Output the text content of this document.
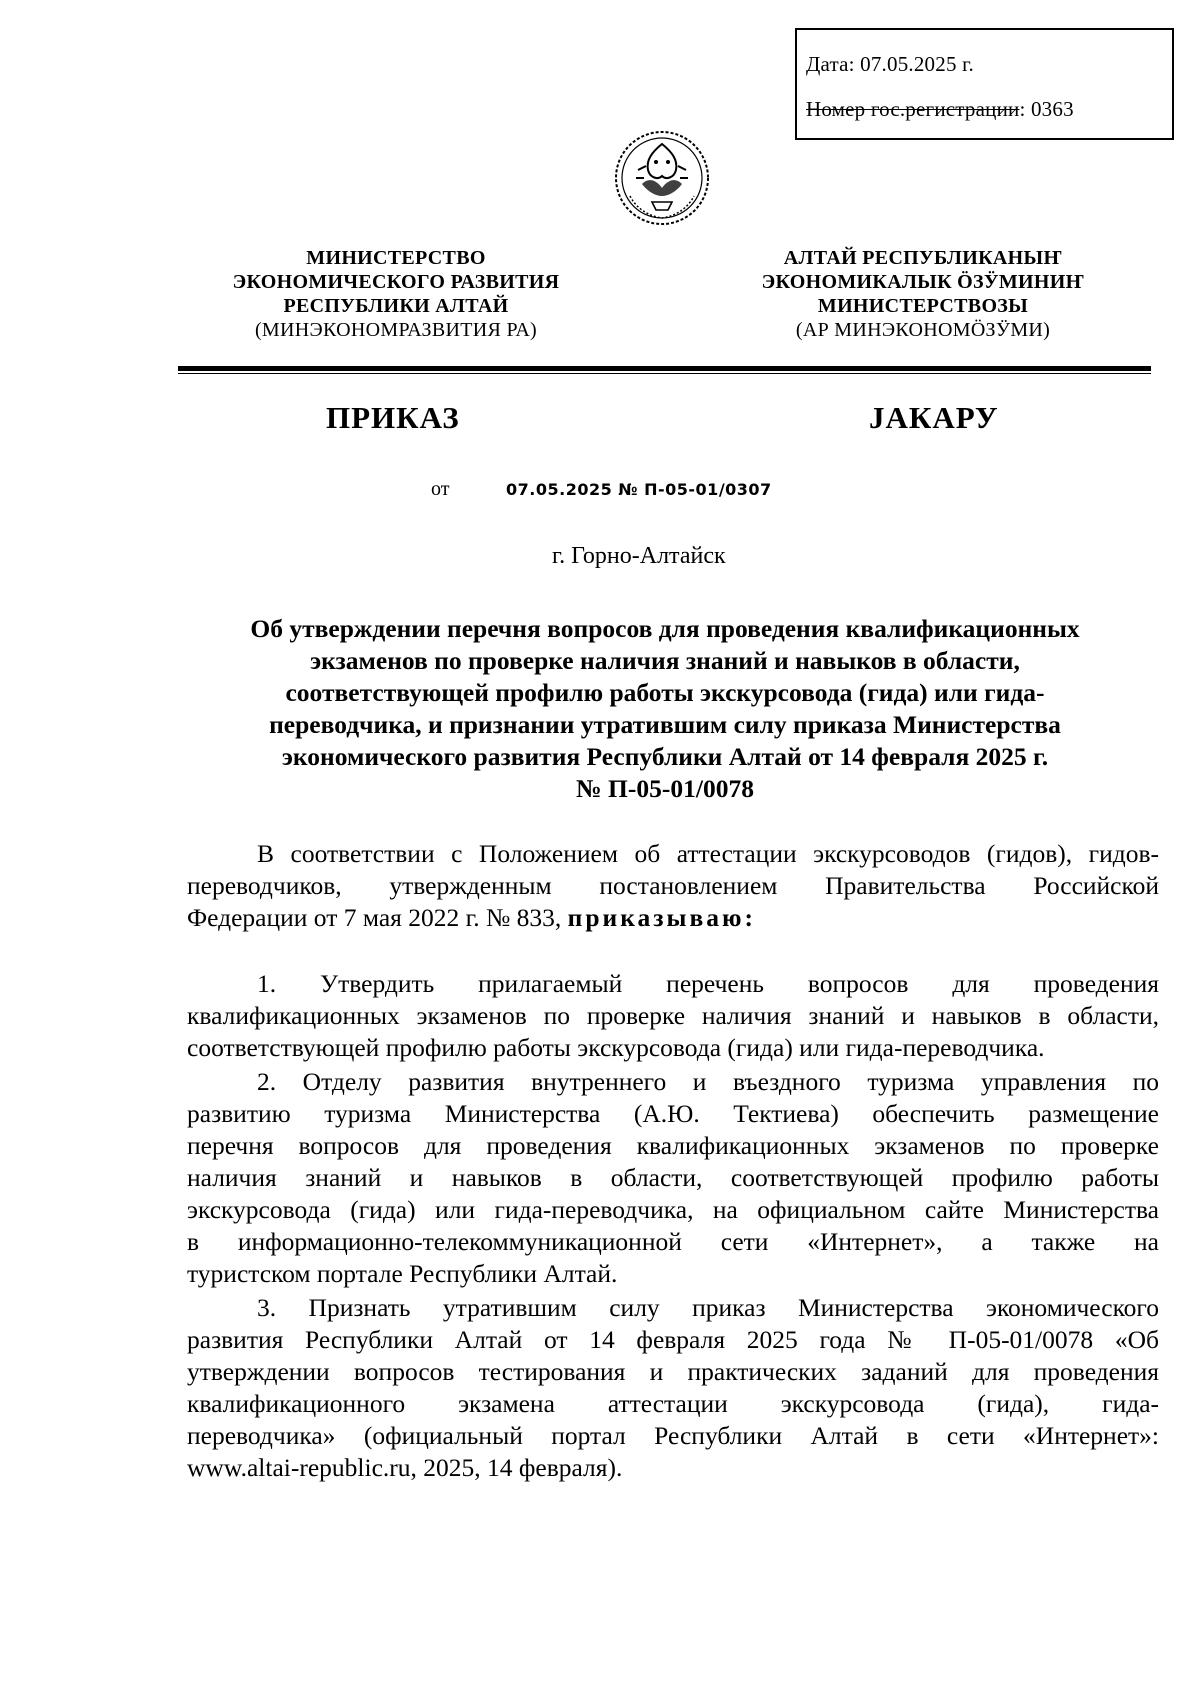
Дата: 07.05.2025 г.
Номер гос.регистрации: 0363
МИНИСТЕРСТВО
ЭКОНОМИЧЕСКОГО РАЗВИТИЯ
РЕСПУБЛИКИ АЛТАЙ
(МИНЭКОНОМРАЗВИТИЯ РА)
АЛТАЙ РЕСПУБЛИКАНЫҤ
ЭКОНОМИКАЛЫК ӦЗӰМИНИҤ
МИНИСТЕРСТВОЗЫ
(АР МИНЭКОНОМӦЗӰМИ)
ПРИКАЗ	JАКАРУ
от	07.05.2025 № П-05-01/0307
г. Горно-Алтайск
Об утверждении перечня вопросов для проведения квалификационных
экзаменов по проверке наличия знаний и навыков в области,
соответствующей профилю работы экскурсовода (гида) или гида-
переводчика, и признании утратившим силу приказа Министерства
экономического развития Республики Алтай от 14 февраля 2025 г.
№ П-05-01/0078
В соответствии с Положением об аттестации экскурсоводов (гидов), гидов-
переводчиков, утвержденным постановлением Правительства Российской
Федерации от 7 мая 2022 г. № 833, приказываю:
1. Утвердить прилагаемый перечень вопросов для проведения
квалификационных экзаменов по проверке наличия знаний и навыков в области,
соответствующей профилю работы экскурсовода (гида) или гида-переводчика.
2. Отделу развития внутреннего и въездного туризма управления по
развитию туризма Министерства (А.Ю. Тектиева) обеспечить размещение
перечня вопросов для проведения квалификационных экзаменов по проверке
наличия знаний и навыков в области, соответствующей профилю работы
экскурсовода (гида) или гида-переводчика, на официальном сайте Министерства
в информационно-телекоммуникационной сети «Интернет», а также на
туристском портале Республики Алтай.
3. Признать утратившим силу приказ Министерства экономического
развития Республики Алтай от 14 февраля 2025 года № П-05-01/0078 «Об
утверждении вопросов тестирования и практических заданий для проведения
квалификационного экзамена аттестации экскурсовода (гида), гида-
переводчика» (официальный портал Республики Алтай в сети «Интернет»:
www.altai-republic.ru, 2025, 14 февраля).
